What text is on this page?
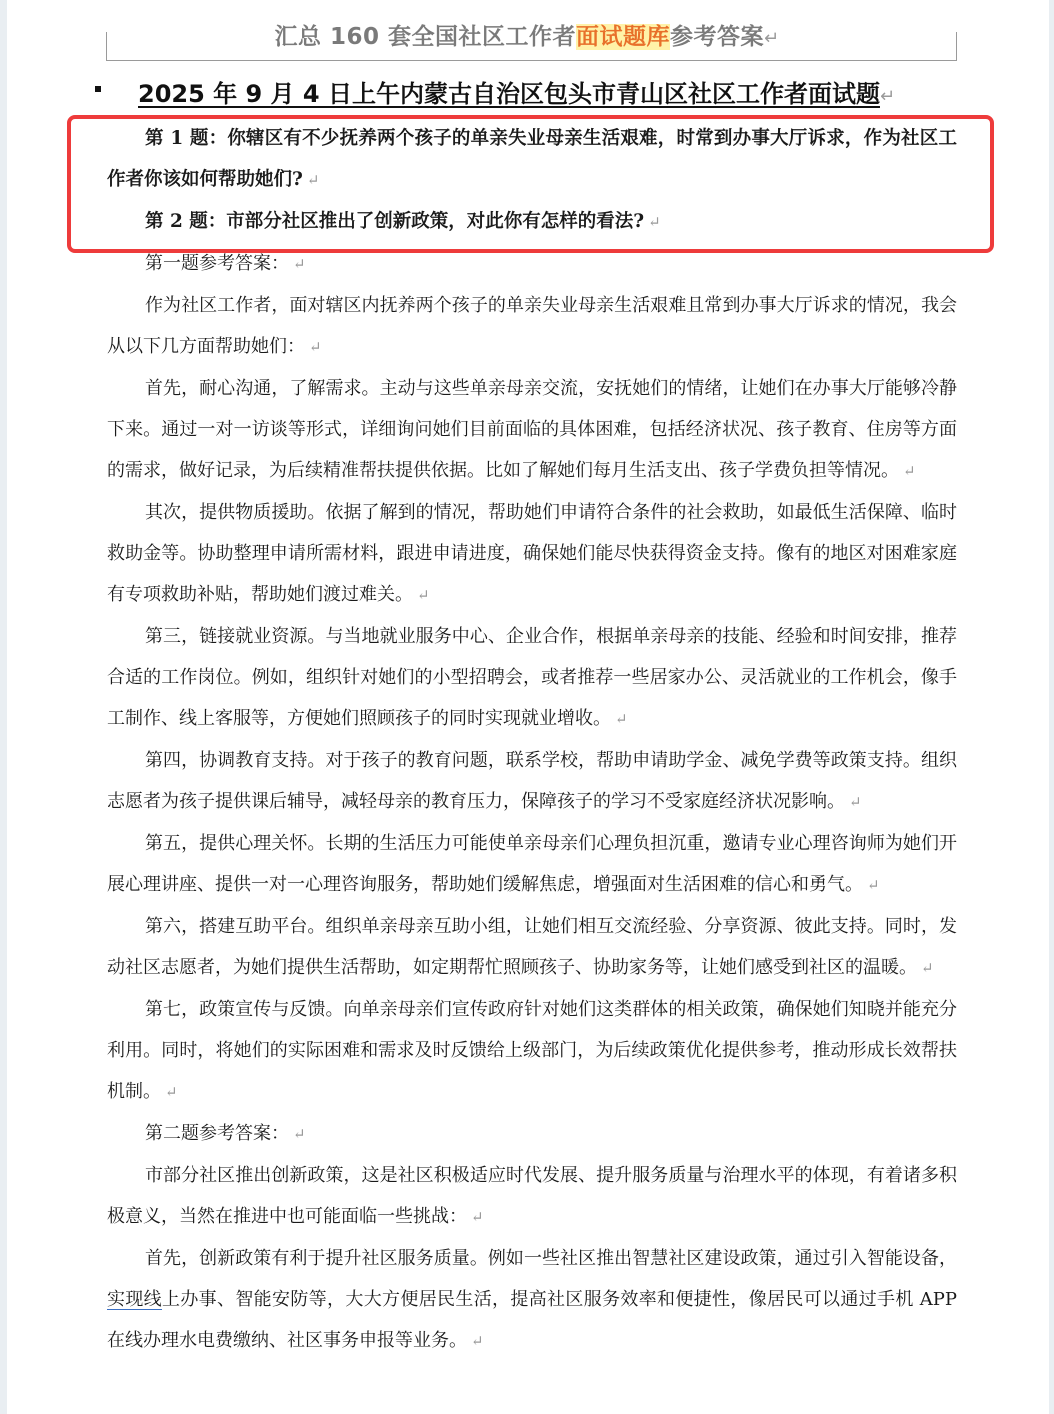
汇总 160 套全国社区工作者面试题库参考答案↵
2025 年 9 月 4 日上午内蒙古自治区包头市青山区社区工作者面试题↵

第 1 题：你辖区有不少抚养两个孩子的单亲失业母亲生活艰难，时常到办事大厅诉求，作为社区工作者你该如何帮助她们? ↵

第 2 题：市部分社区推出了创新政策，对此你有怎样的看法? ↵

第一题参考答案： ↵

作为社区工作者，面对辖区内抚养两个孩子的单亲失业母亲生活艰难且常到办事大厅诉求的情况，我会从以下几方面帮助她们： ↵

首先，耐心沟通，了解需求。主动与这些单亲母亲交流，安抚她们的情绪，让她们在办事大厅能够冷静下来。通过一对一访谈等形式，详细询问她们目前面临的具体困难，包括经济状况、孩子教育、住房等方面的需求，做好记录，为后续精准帮扶提供依据。比如了解她们每月生活支出、孩子学费负担等情况。 ↵

其次，提供物质援助。依据了解到的情况，帮助她们申请符合条件的社会救助，如最低生活保障、临时救助金等。协助整理申请所需材料，跟进申请进度，确保她们能尽快获得资金支持。像有的地区对困难家庭有专项救助补贴，帮助她们渡过难关。 ↵

第三，链接就业资源。与当地就业服务中心、企业合作，根据单亲母亲的技能、经验和时间安排，推荐合适的工作岗位。例如，组织针对她们的小型招聘会，或者推荐一些居家办公、灵活就业的工作机会，像手工制作、线上客服等，方便她们照顾孩子的同时实现就业增收。 ↵

第四，协调教育支持。对于孩子的教育问题，联系学校，帮助申请助学金、减免学费等政策支持。组织志愿者为孩子提供课后辅导，减轻母亲的教育压力，保障孩子的学习不受家庭经济状况影响。 ↵

第五，提供心理关怀。长期的生活压力可能使单亲母亲们心理负担沉重，邀请专业心理咨询师为她们开展心理讲座、提供一对一心理咨询服务，帮助她们缓解焦虑，增强面对生活困难的信心和勇气。 ↵

第六，搭建互助平台。组织单亲母亲互助小组，让她们相互交流经验、分享资源、彼此支持。同时，发动社区志愿者，为她们提供生活帮助，如定期帮忙照顾孩子、协助家务等，让她们感受到社区的温暖。 ↵

第七，政策宣传与反馈。向单亲母亲们宣传政府针对她们这类群体的相关政策，确保她们知晓并能充分利用。同时，将她们的实际困难和需求及时反馈给上级部门，为后续政策优化提供参考，推动形成长效帮扶机制。 ↵

第二题参考答案： ↵

市部分社区推出创新政策，这是社区积极适应时代发展、提升服务质量与治理水平的体现，有着诸多积极意义，当然在推进中也可能面临一些挑战： ↵

首先，创新政策有利于提升社区服务质量。例如一些社区推出智慧社区建设政策，通过引入智能设备，实现线上办事、智能安防等，大大方便居民生活，提高社区服务效率和便捷性，像居民可以通过手机 APP 在线办理水电费缴纳、社区事务申报等业务。 ↵
